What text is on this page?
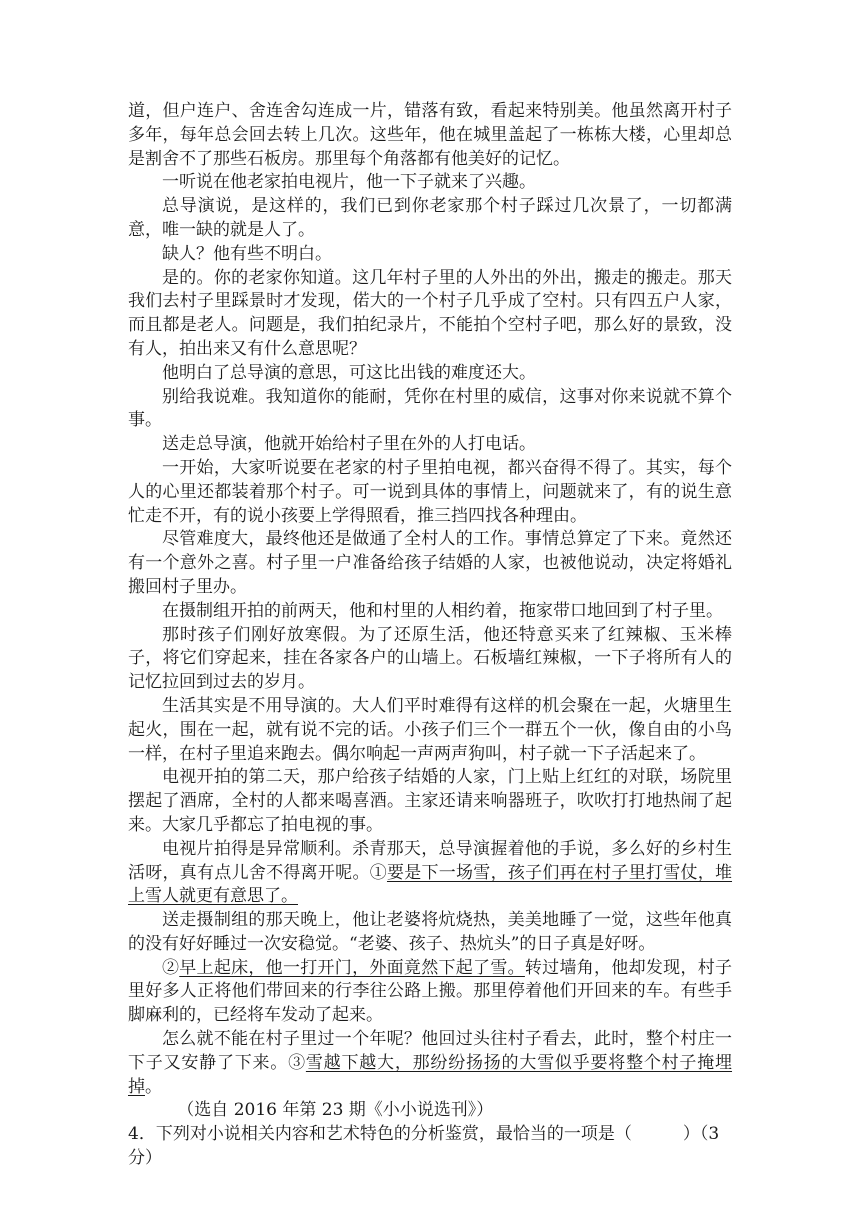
道，但户连户、舍连舍勾连成一片，错落有致，看起来特别美。他虽然离开村子多年，每年总会回去转上几次。这些年，他在城里盖起了一栋栋大楼，心里却总是割舍不了那些石板房。那里每个角落都有他美好的记忆。

一听说在他老家拍电视片，他一下子就来了兴趣。

总导演说，是这样的，我们已到你老家那个村子踩过几次景了，一切都满意，唯一缺的就是人了。

缺人？他有些不明白。

是的。你的老家你知道。这几年村子里的人外出的外出，搬走的搬走。那天我们去村子里踩景时才发现，偌大的一个村子几乎成了空村。只有四五户人家，而且都是老人。问题是，我们拍纪录片，不能拍个空村子吧，那么好的景致，没有人，拍出来又有什么意思呢？

他明白了总导演的意思，可这比出钱的难度还大。

别给我说难。我知道你的能耐，凭你在村里的威信，这事对你来说就不算个事。

送走总导演，他就开始给村子里在外的人打电话。

一开始，大家听说要在老家的村子里拍电视，都兴奋得不得了。其实，每个人的心里还都装着那个村子。可一说到具体的事情上，问题就来了，有的说生意忙走不开，有的说小孩要上学得照看，推三挡四找各种理由。

尽管难度大，最终他还是做通了全村人的工作。事情总算定了下来。竟然还有一个意外之喜。村子里一户准备给孩子结婚的人家，也被他说动，决定将婚礼搬回村子里办。

在摄制组开拍的前两天，他和村里的人相约着，拖家带口地回到了村子里。

那时孩子们刚好放寒假。为了还原生活，他还特意买来了红辣椒、玉米棒子，将它们穿起来，挂在各家各户的山墙上。石板墙红辣椒，一下子将所有人的记忆拉回到过去的岁月。

生活其实是不用导演的。大人们平时难得有这样的机会聚在一起，火塘里生起火，围在一起，就有说不完的话。小孩子们三个一群五个一伙，像自由的小鸟一样，在村子里追来跑去。偶尔响起一声两声狗叫，村子就一下子活起来了。

电视开拍的第二天，那户给孩子结婚的人家，门上贴上红红的对联，场院里摆起了酒席，全村的人都来喝喜酒。主家还请来响器班子，吹吹打打地热闹了起来。大家几乎都忘了拍电视的事。

电视片拍得是异常顺利。杀青那天，总导演握着他的手说，多么好的乡村生活呀，真有点儿舍不得离开呢。①要是下一场雪，孩子们再在村子里打雪仗，堆上雪人就更有意思了。

送走摄制组的那天晚上，他让老婆将炕烧热，美美地睡了一觉，这些年他真的没有好好睡过一次安稳觉。“老婆、孩子、热炕头”的日子真是好呀。

②早上起床，他一打开门，外面竟然下起了雪。转过墙角，他却发现，村子里好多人正将他们带回来的行李往公路上搬。那里停着他们开回来的车。有些手脚麻利的，已经将车发动了起来。

怎么就不能在村子里过一个年呢？他回过头往村子看去，此时，整个村庄一下子又安静了下来。③雪越下越大，那纷纷扬扬的大雪似乎要将整个村子掩埋掉。

（选自 2016 年第 23 期《小小说选刊》）

4．下列对小说相关内容和艺术特色的分析鉴赏，最恰当的一项是（　　　）（3分）
